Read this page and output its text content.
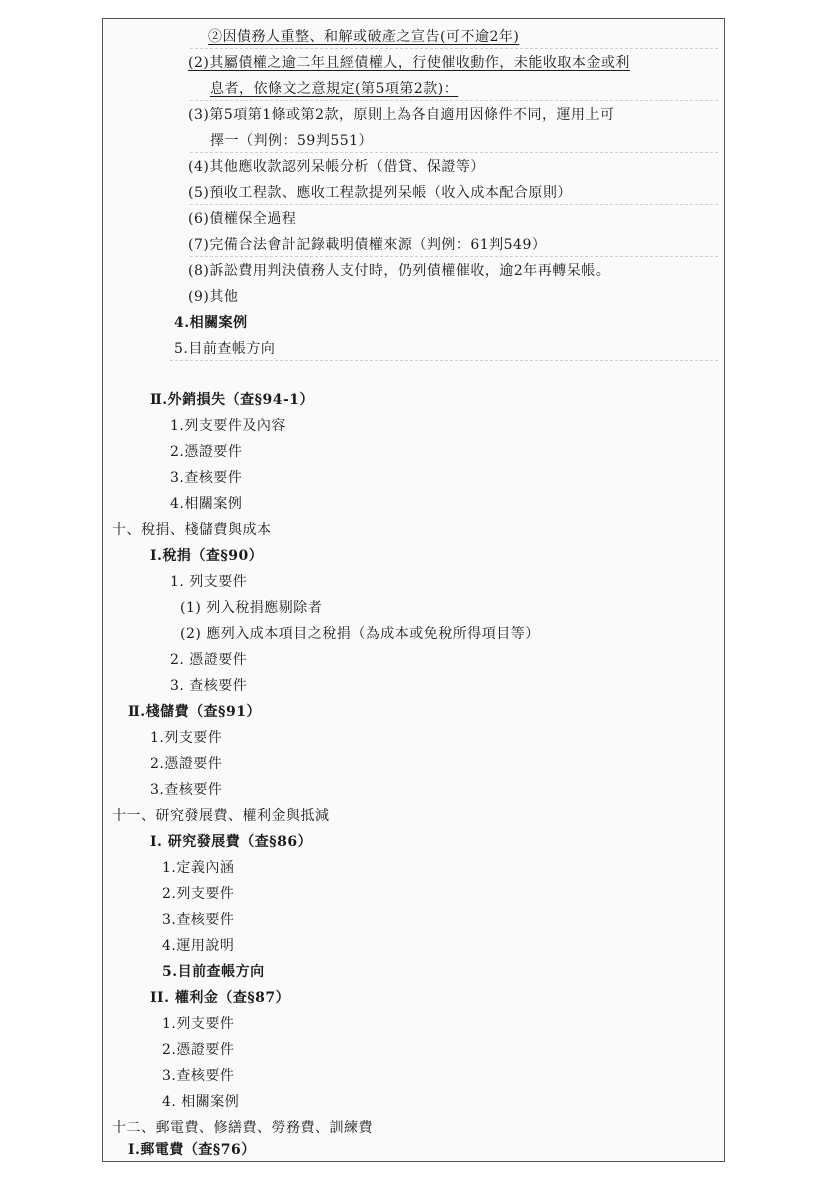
②因債務人重整、和解或破產之宣告(可不逾2年)
(2)其屬債權之逾二年且經債權人，行使催收動作，未能收取本金或利
息者，依條文之意規定(第5項第2款)：
(3)第5項第1條或第2款，原則上為各自適用因條件不同，運用上可
擇一（判例：59判551）
(4)其他應收款認列呆帳分析（借貸、保證等）
(5)預收工程款、應收工程款提列呆帳（收入成本配合原則）
(6)債權保全過程
(7)完備合法會計記錄載明債權來源（判例：61判549）
(8)訴訟費用判決債務人支付時，仍列債權催收，逾2年再轉呆帳。
(9)其他
4.相關案例
5.目前查帳方向
Ⅱ.外銷損失（查§94-1）
1.列支要件及內容
2.憑證要件
3.查核要件
4.相關案例
十、稅捐、棧儲費與成本
Ⅰ.稅捐（查§90）
1. 列支要件
(1) 列入稅捐應剔除者
(2) 應列入成本項目之稅捐（為成本或免稅所得項目等）
2. 憑證要件
3. 查核要件
Ⅱ.棧儲費（查§91）
1.列支要件
2.憑證要件
3.查核要件
十一、研究發展費、權利金與抵減
Ⅰ. 研究發展費（查§86）
1.定義內涵
2.列支要件
3.查核要件
4.運用說明
5.目前查帳方向
ΙΙ. 權利金（查§87）
1.列支要件
2.憑證要件
3.查核要件
4. 相關案例
十二、郵電費、修繕費、勞務費、訓練費
Ⅰ.郵電費（查§76）
